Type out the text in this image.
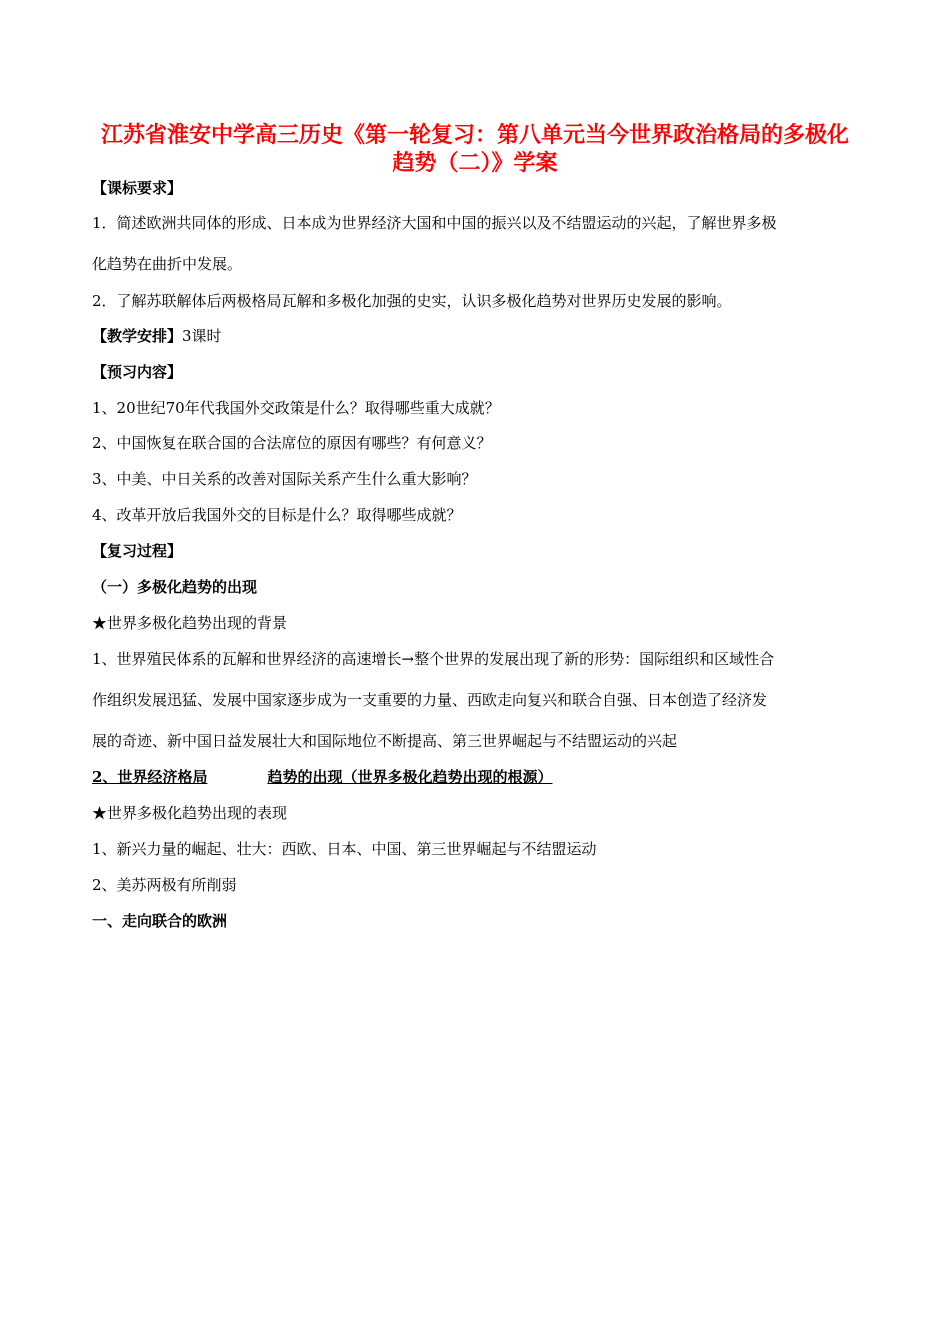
江苏省淮安中学高三历史《第一轮复习：第八单元当今世界政治格局的多极化
趋势（二）》学案
【课标要求】
1．简述欧洲共同体的形成、日本成为世界经济大国和中国的振兴以及不结盟运动的兴起，了解世界多极
化趋势在曲折中发展。
2．了解苏联解体后两极格局瓦解和多极化加强的史实，认识多极化趋势对世界历史发展的影响。
【教学安排】3课时
【预习内容】
1、20世纪70年代我国外交政策是什么？取得哪些重大成就？
2、中国恢复在联合国的合法席位的原因有哪些？有何意义？
3、中美、中日关系的改善对国际关系产生什么重大影响？
4、改革开放后我国外交的目标是什么？取得哪些成就？
【复习过程】
（一）多极化趋势的出现
★世界多极化趋势出现的背景
1、世界殖民体系的瓦解和世界经济的高速增长→整个世界的发展出现了新的形势：国际组织和区域性合
作组织发展迅猛、发展中国家逐步成为一支重要的力量、西欧走向复兴和联合自强、日本创造了经济发
展的奇迹、新中国日益发展壮大和国际地位不断提高、第三世界崛起与不结盟运动的兴起
2、世界经济格局	趋势的出现（世界多极化趋势出现的根源）
★世界多极化趋势出现的表现
1、新兴力量的崛起、壮大：西欧、日本、中国、第三世界崛起与不结盟运动
2、美苏两极有所削弱
一、走向联合的欧洲
